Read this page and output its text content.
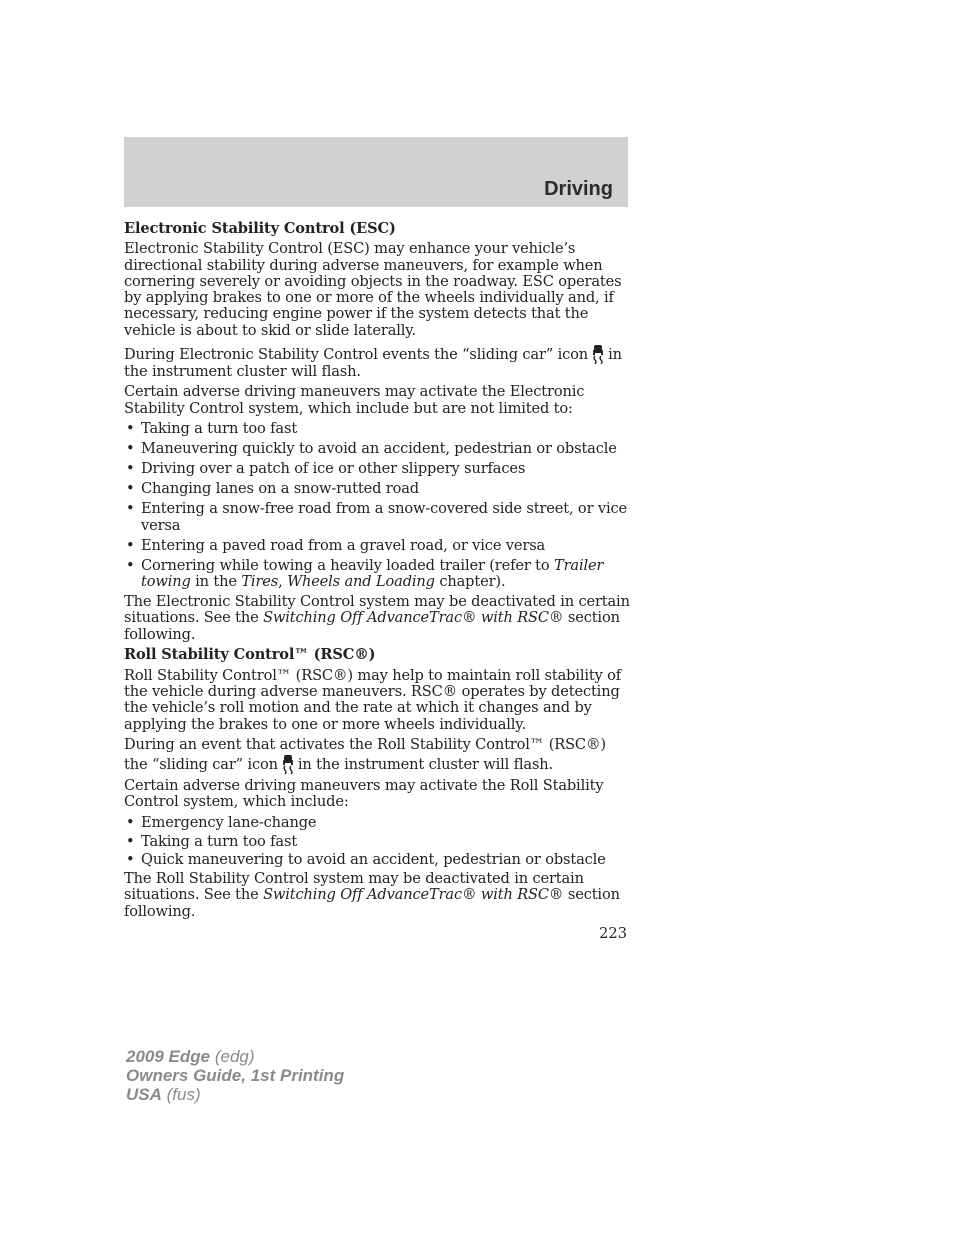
Driving
Electronic Stability Control (ESC)

Electronic Stability Control (ESC) may enhance your vehicle’s directional stability during adverse maneuvers, for example when cornering severely or avoiding objects in the roadway. ESC operates by applying brakes to one or more of the wheels individually and, if necessary, reducing engine power if the system detects that the vehicle is about to skid or slide laterally.

During Electronic Stability Control events the “sliding car” icon in the instrument cluster will flash.

Certain adverse driving maneuvers may activate the Electronic Stability Control system, which include but are not limited to:

• Taking a turn too fast
• Maneuvering quickly to avoid an accident, pedestrian or obstacle
• Driving over a patch of ice or other slippery surfaces
• Changing lanes on a snow-rutted road
• Entering a snow-free road from a snow-covered side street, or vice versa
• Entering a paved road from a gravel road, or vice versa
• Cornering while towing a heavily loaded trailer (refer to Trailer towing in the Tires, Wheels and Loading chapter).

The Electronic Stability Control system may be deactivated in certain situations. See the Switching Off AdvanceTrac® with RSC® section following.

Roll Stability Control™ (RSC®)

Roll Stability Control™ (RSC®) may help to maintain roll stability of the vehicle during adverse maneuvers. RSC® operates by detecting the vehicle’s roll motion and the rate at which it changes and by applying the brakes to one or more wheels individually.

During an event that activates the Roll Stability Control™ (RSC®) the “sliding car” icon in the instrument cluster will flash.

Certain adverse driving maneuvers may activate the Roll Stability Control system, which include:

• Emergency lane-change
• Taking a turn too fast
• Quick maneuvering to avoid an accident, pedestrian or obstacle

The Roll Stability Control system may be deactivated in certain situations. See the Switching Off AdvanceTrac® with RSC® section following.

223
2009 Edge (edg)
Owners Guide, 1st Printing
USA (fus)
